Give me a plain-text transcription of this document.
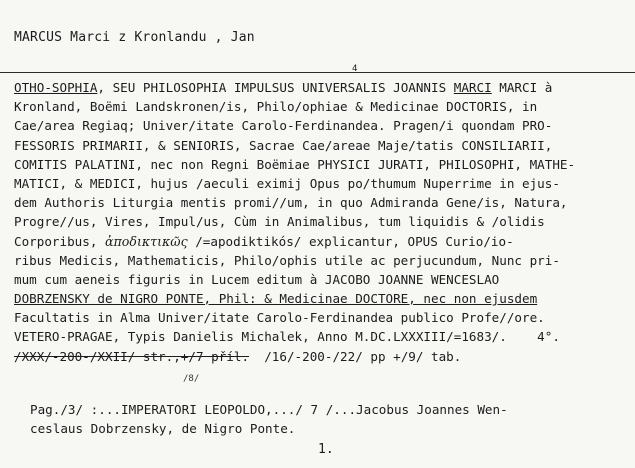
MARCUS Marci z Kronlandu , Jan
4
OTHO-SOPHIA, SEU PHILOSOPHIA IMPULSUS UNIVERSALIS JOANNIS MARCI MARCI à
Kronland, Boëmi Landskronen/is, Philo/ophiae & Medicinae DOCTORIS, in
Cae/area Regiaq; Univer/itate Carolo-Ferdinandea. Pragen/i quondam PRO-
FESSORIS PRIMARII, & SENIORIS, Sacrae Cae/areae Maje/tatis CONSILIARII,
COMITIS PALATINI, nec non Regni Boëmiae PHYSICI JURATI, PHILOSOPHI, MATHE-
MATICI, & MEDICI, hujus /aeculi eximij Opus po/thumum Nuperrime in ejus-
dem Authoris Liturgia mentis promi//um, in quo Admiranda Gene/is, Natura,
Progre//us, Vires, Impul/us, Cùm in Animalibus, tum liquidis & /olidis
Corporibus, ἀποδικτικῶς /=apodiktikós/ explicantur, OPUS Curio/io-
ribus Medicis, Mathematicis, Philo/ophis utile ac perjucundum, Nunc pri-
mum cum aeneis figuris in Lucem editum à JACOBO JOANNE WENCESLAO
DOBRZENSKY de NIGRO PONTE, Phil: & Medicinae DOCTORE, nec non ejusdem
Facultatis in Alma Univer/itate Carolo-Ferdinandea publico Profe//ore.
VETERO-PRAGAE, Typis Danielis Michalek, Anno M.DC.LXXXIII/=1683/.    4°.
/XXX/-200-/XXII/ str.,+/7 příl.  /16/-200-/22/ pp +/9/ tab.
/8/
Pag./3/ :...IMPERATORI LEOPOLDO,.../ 7 /...Jacobus Joannes Wen-
ceslaus Dobrzensky, de Nigro Ponte.
1.
